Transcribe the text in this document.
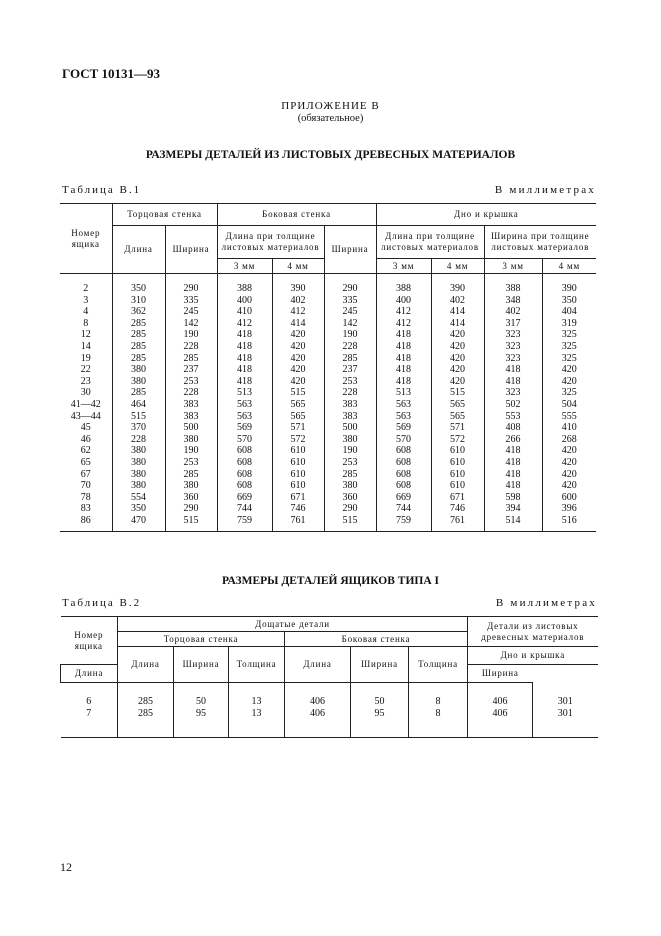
ГОСТ 10131—93
ПРИЛОЖЕНИЕ В
(обязательное)
РАЗМЕРЫ ДЕТАЛЕЙ ИЗ ЛИСТОВЫХ ДРЕВЕСНЫХ МАТЕРИАЛОВ
Таблица В.1	В миллиметрах
Номер ящика	Торцовая стенка		Боковая стенка			Дно и крышка			
	Длина	Ширина	Длина при толщине листовых материалов		Ширина	Длина при толщине листовых материалов		Ширина при толщине листовых материалов	
			3 мм	4 мм		3 мм	4 мм	3 мм	4 мм
2	350	290	388	390	290	388	390	388	390
3	310	335	400	402	335	400	402	348	350
4	362	245	410	412	245	412	414	402	404
8	285	142	412	414	142	412	414	317	319
12	285	190	418	420	190	418	420	323	325
14	285	228	418	420	228	418	420	323	325
19	285	285	418	420	285	418	420	323	325
22	380	237	418	420	237	418	420	418	420
23	380	253	418	420	253	418	420	418	420
30	285	228	513	515	228	513	515	323	325
41—42	464	383	563	565	383	563	565	502	504
43—44	515	383	563	565	383	563	565	553	555
45	370	500	569	571	500	569	571	408	410
46	228	380	570	572	380	570	572	266	268
62	380	190	608	610	190	608	610	418	420
65	380	253	608	610	253	608	610	418	420
67	380	285	608	610	285	608	610	418	420
70	380	380	608	610	380	608	610	418	420
78	554	360	669	671	360	669	671	598	600
83	350	290	744	746	290	744	746	394	396
86	470	515	759	761	515	759	761	514	516
РАЗМЕРЫ ДЕТАЛЕЙ ЯЩИКОВ ТИПА I
Таблица В.2	В миллиметрах
Номер ящика	Дощатые детали						Детали из листовых древесных материалов	
	Торцовая стенка			Боковая стенка				
	Длина	Ширина	Толщина	Длина	Ширина	Толщина	Дно и крышка	
Длина							Ширина	
6	285	50	13	406	50	8	406	301
7	285	95	13	406	95	8	406	301
12
